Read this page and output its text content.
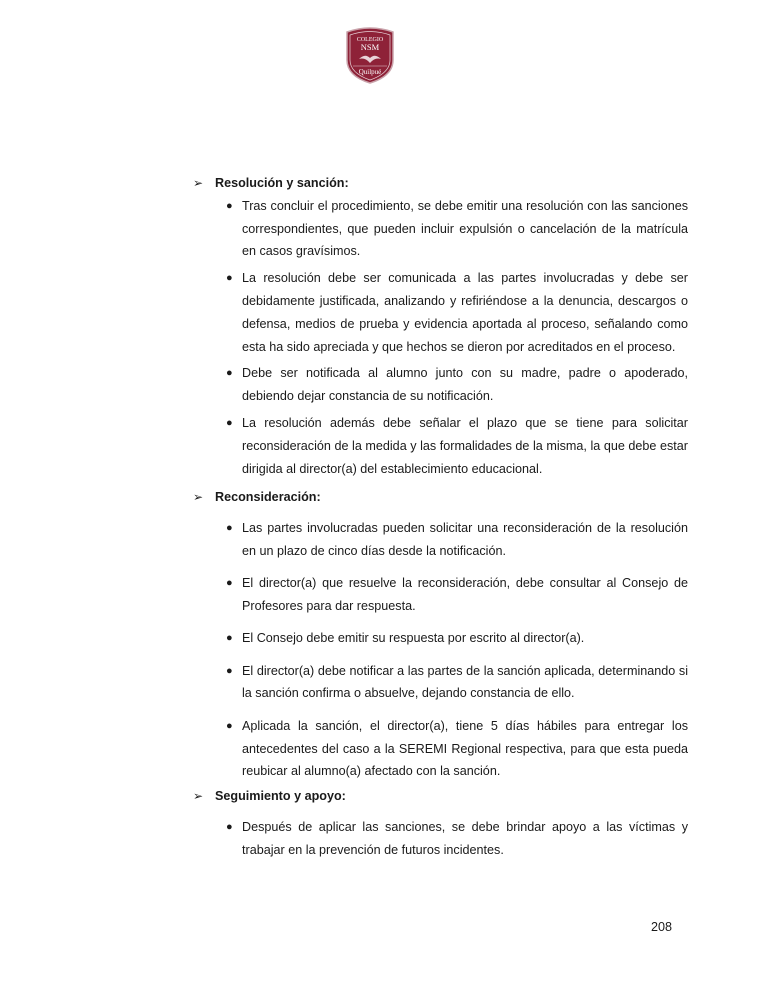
COLEGIO
NSM
Quilpué
➢ Resolución y sanción:
● Tras concluir el procedimiento, se debe emitir una resolución con las sanciones correspondientes, que pueden incluir expulsión o cancelación de la matrícula en casos gravísimos.
● La resolución debe ser comunicada a las partes involucradas y debe ser debidamente justificada, analizando y refiriéndose a la denuncia, descargos o defensa, medios de prueba y evidencia aportada al proceso, señalando como esta ha sido apreciada y que hechos se dieron por acreditados en el proceso.
● Debe ser notificada al alumno junto con su madre, padre o apoderado, debiendo dejar constancia de su notificación.
● La resolución además debe señalar el plazo que se tiene para solicitar reconsideración de la medida y las formalidades de la misma, la que debe estar dirigida al director(a) del establecimiento educacional.
➢ Reconsideración:
● Las partes involucradas pueden solicitar una reconsideración de la resolución en un plazo de cinco días desde la notificación.
● El director(a) que resuelve la reconsideración, debe consultar al Consejo de Profesores para dar respuesta.
● El Consejo debe emitir su respuesta por escrito al director(a).
● El director(a) debe notificar a las partes de la sanción aplicada, determinando si la sanción confirma o absuelve, dejando constancia de ello.
● Aplicada la sanción, el director(a), tiene 5 días hábiles para entregar los antecedentes del caso a la SEREMI Regional respectiva, para que esta pueda reubicar al alumno(a) afectado con la sanción.
➢ Seguimiento y apoyo:
● Después de aplicar las sanciones, se debe brindar apoyo a las víctimas y trabajar en la prevención de futuros incidentes.
208
